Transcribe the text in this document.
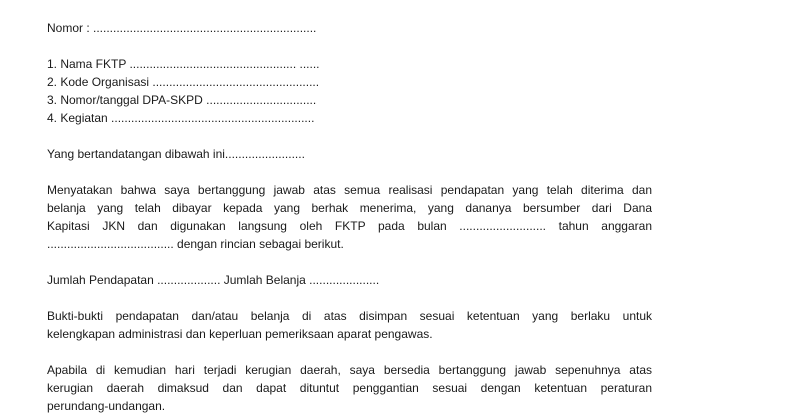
Nomor : ...................................................................
1. Nama FKTP .................................................. ......
2. Kode Organisasi ..................................................
3. Nomor/tanggal DPA-SKPD .................................
4. Kegiatan .............................................................
Yang bertandatangan dibawah ini........................
Menyatakan bahwa saya bertanggung jawab atas semua realisasi pendapatan yang telah diterima dan
belanja yang telah dibayar kepada yang berhak menerima, yang dananya bersumber dari Dana
Kapitasi JKN dan digunakan langsung oleh FKTP pada bulan .......................... tahun anggaran
...................................... dengan rincian sebagai berikut.
Jumlah Pendapatan ................... Jumlah Belanja .....................
Bukti-bukti pendapatan dan/atau belanja di atas disimpan sesuai ketentuan yang berlaku untuk
kelengkapan administrasi dan keperluan pemeriksaan aparat pengawas.
Apabila di kemudian hari terjadi kerugian daerah, saya bersedia bertanggung jawab sepenuhnya atas
kerugian daerah dimaksud dan dapat dituntut penggantian sesuai dengan ketentuan peraturan
perundang-undangan.
